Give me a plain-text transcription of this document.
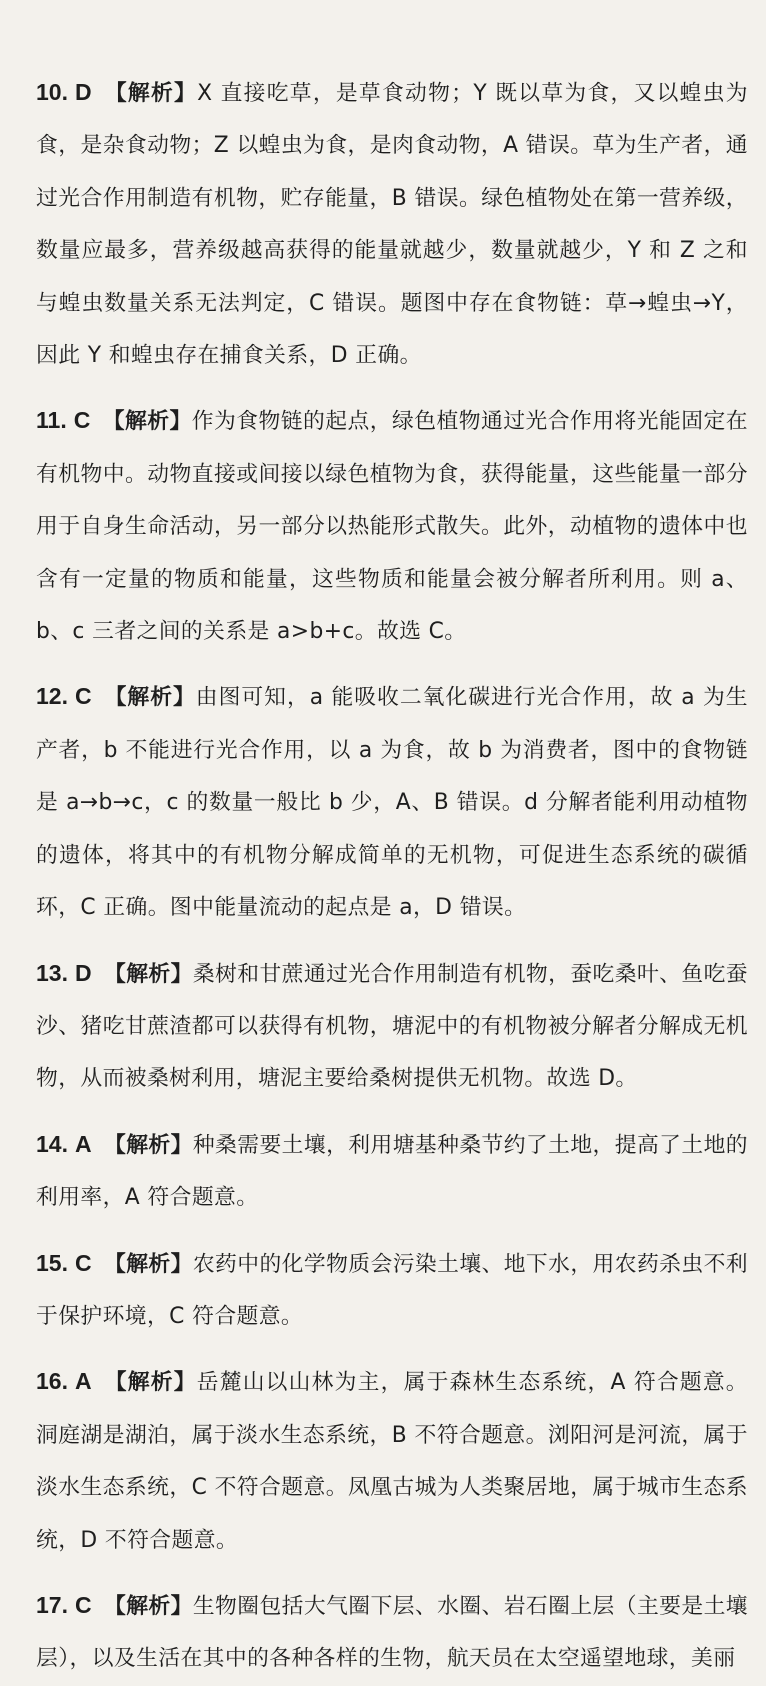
10. D 【解析】X 直接吃草，是草食动物；Y 既以草为食，又以蝗虫为食，是杂食动物；Z 以蝗虫为食，是肉食动物，A 错误。草为生产者，通过光合作用制造有机物，贮存能量，B 错误。绿色植物处在第一营养级，数量应最多，营养级越高获得的能量就越少，数量就越少，Y 和 Z 之和与蝗虫数量关系无法判定，C 错误。题图中存在食物链：草→蝗虫→Y，因此 Y 和蝗虫存在捕食关系，D 正确。
11. C 【解析】作为食物链的起点，绿色植物通过光合作用将光能固定在有机物中。动物直接或间接以绿色植物为食，获得能量，这些能量一部分用于自身生命活动，另一部分以热能形式散失。此外，动植物的遗体中也含有一定量的物质和能量，这些物质和能量会被分解者所利用。则 a、b、c 三者之间的关系是 a>b+c。故选 C。
12. C 【解析】由图可知，a 能吸收二氧化碳进行光合作用，故 a 为生产者，b 不能进行光合作用，以 a 为食，故 b 为消费者，图中的食物链是 a→b→c，c 的数量一般比 b 少，A、B 错误。d 分解者能利用动植物的遗体，将其中的有机物分解成简单的无机物，可促进生态系统的碳循环，C 正确。图中能量流动的起点是 a，D 错误。
13. D 【解析】桑树和甘蔗通过光合作用制造有机物，蚕吃桑叶、鱼吃蚕沙、猪吃甘蔗渣都可以获得有机物，塘泥中的有机物被分解者分解成无机物，从而被桑树利用，塘泥主要给桑树提供无机物。故选 D。
14. A 【解析】种桑需要土壤，利用塘基种桑节约了土地，提高了土地的利用率，A 符合题意。
15. C 【解析】农药中的化学物质会污染土壤、地下水，用农药杀虫不利于保护环境，C 符合题意。
16. A 【解析】岳麓山以山林为主，属于森林生态系统，A 符合题意。洞庭湖是湖泊，属于淡水生态系统，B 不符合题意。浏阳河是河流，属于淡水生态系统，C 不符合题意。凤凰古城为人类聚居地，属于城市生态系统，D 不符合题意。
17. C 【解析】生物圈包括大气圈下层、水圈、岩石圈上层（主要是土壤层），以及生活在其中的各种各样的生物，航天员在太空遥望地球，美丽
